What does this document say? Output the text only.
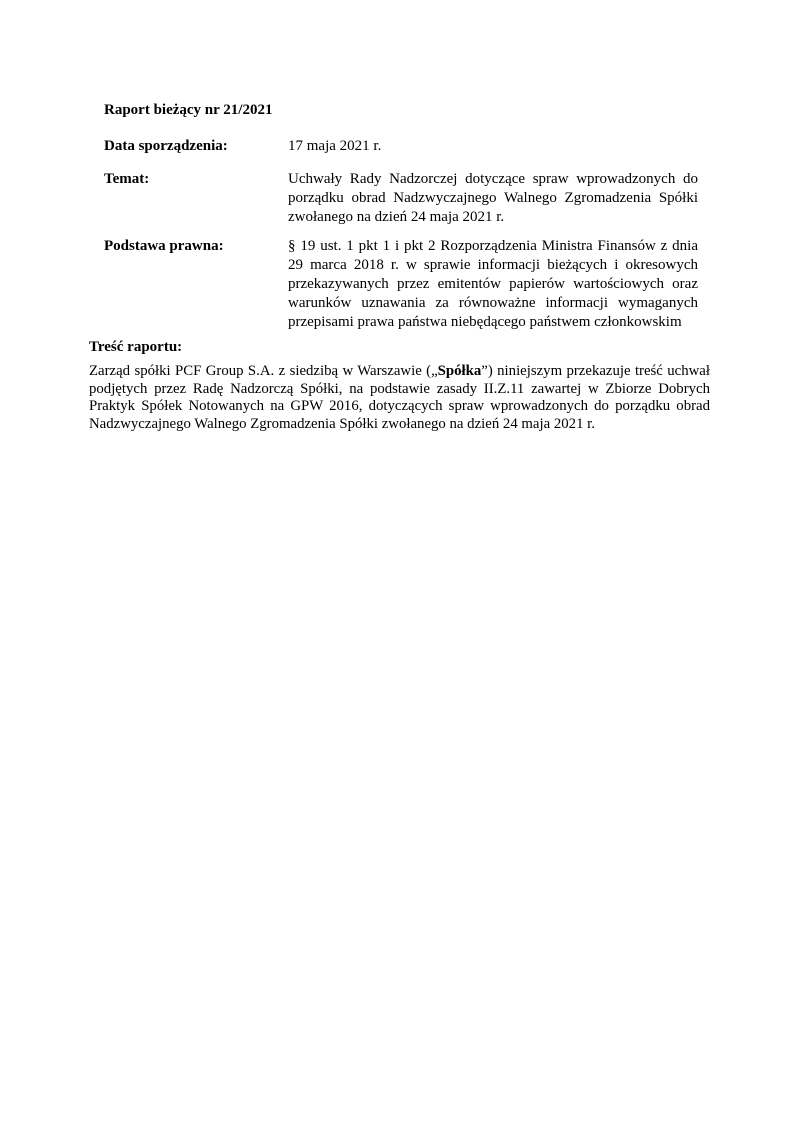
Raport bieżący nr 21/2021
Data sporządzenia:	17 maja 2021 r.
Temat:	Uchwały Rady Nadzorczej dotyczące spraw wprowadzonych do porządku obrad Nadzwyczajnego Walnego Zgromadzenia Spółki zwołanego na dzień 24 maja 2021 r.
Podstawa prawna:	§ 19 ust. 1 pkt 1 i pkt 2 Rozporządzenia Ministra Finansów z dnia 29 marca 2018 r. w sprawie informacji bieżących i okresowych przekazywanych przez emitentów papierów wartościowych oraz warunków uznawania za równoważne informacji wymaganych przepisami prawa państwa niebędącego państwem członkowskim
Treść raportu:
Zarząd spółki PCF Group S.A. z siedzibą w Warszawie („Spółka”) niniejszym przekazuje treść uchwał podjętych przez Radę Nadzorczą Spółki, na podstawie zasady II.Z.11 zawartej w Zbiorze Dobrych Praktyk Spółek Notowanych na GPW 2016, dotyczących spraw wprowadzonych do porządku obrad Nadzwyczajnego Walnego Zgromadzenia Spółki zwołanego na dzień 24 maja 2021 r.
